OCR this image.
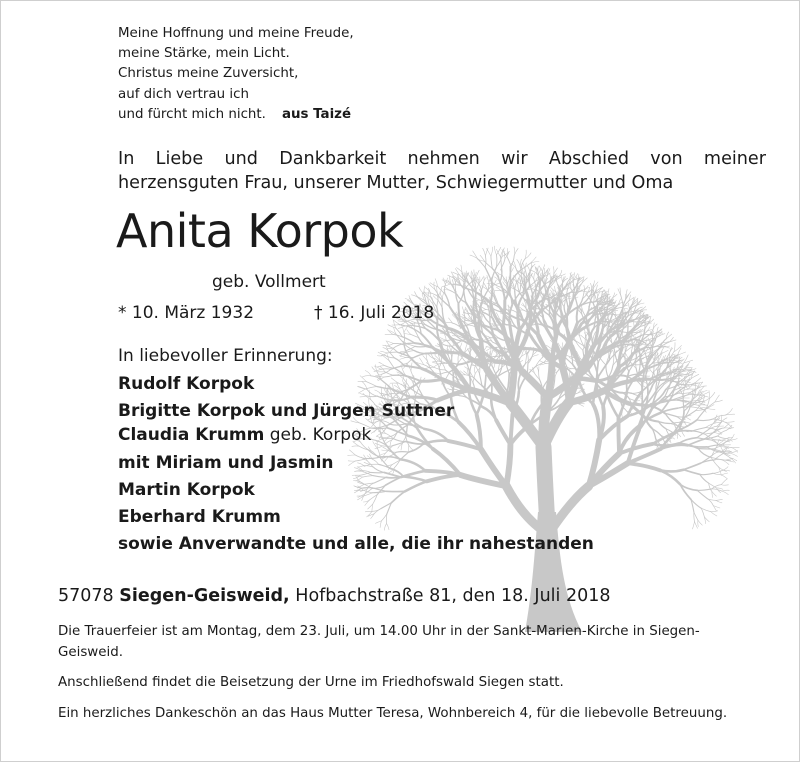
Meine Hoffnung und meine Freude,
meine Stärke, mein Licht.
Christus meine Zuversicht,
auf dich vertrau ich
und fürcht mich nicht. aus Taizé
In Liebe und Dankbarkeit nehmen wir Abschied von meiner
herzensguten Frau, unserer Mutter, Schwiegermutter und Oma
Anita Korpok
geb. Vollmert
* 10. März 1932	† 16. Juli 2018
In liebevoller Erinnerung:
Rudolf Korpok
Brigitte Korpok und Jürgen Suttner
Claudia Krumm geb. Korpok
mit Miriam und Jasmin
Martin Korpok
Eberhard Krumm
sowie Anverwandte und alle, die ihr nahestanden
57078 Siegen-Geisweid, Hofbachstraße 81, den 18. Juli 2018

Die Trauerfeier ist am Montag, dem 23. Juli, um 14.00 Uhr in der Sankt-Marien-Kirche in Siegen-Geisweid.

Anschließend findet die Beisetzung der Urne im Friedhofswald Siegen statt.

Ein herzliches Dankeschön an das Haus Mutter Teresa, Wohnbereich 4, für die liebevolle Betreuung.
